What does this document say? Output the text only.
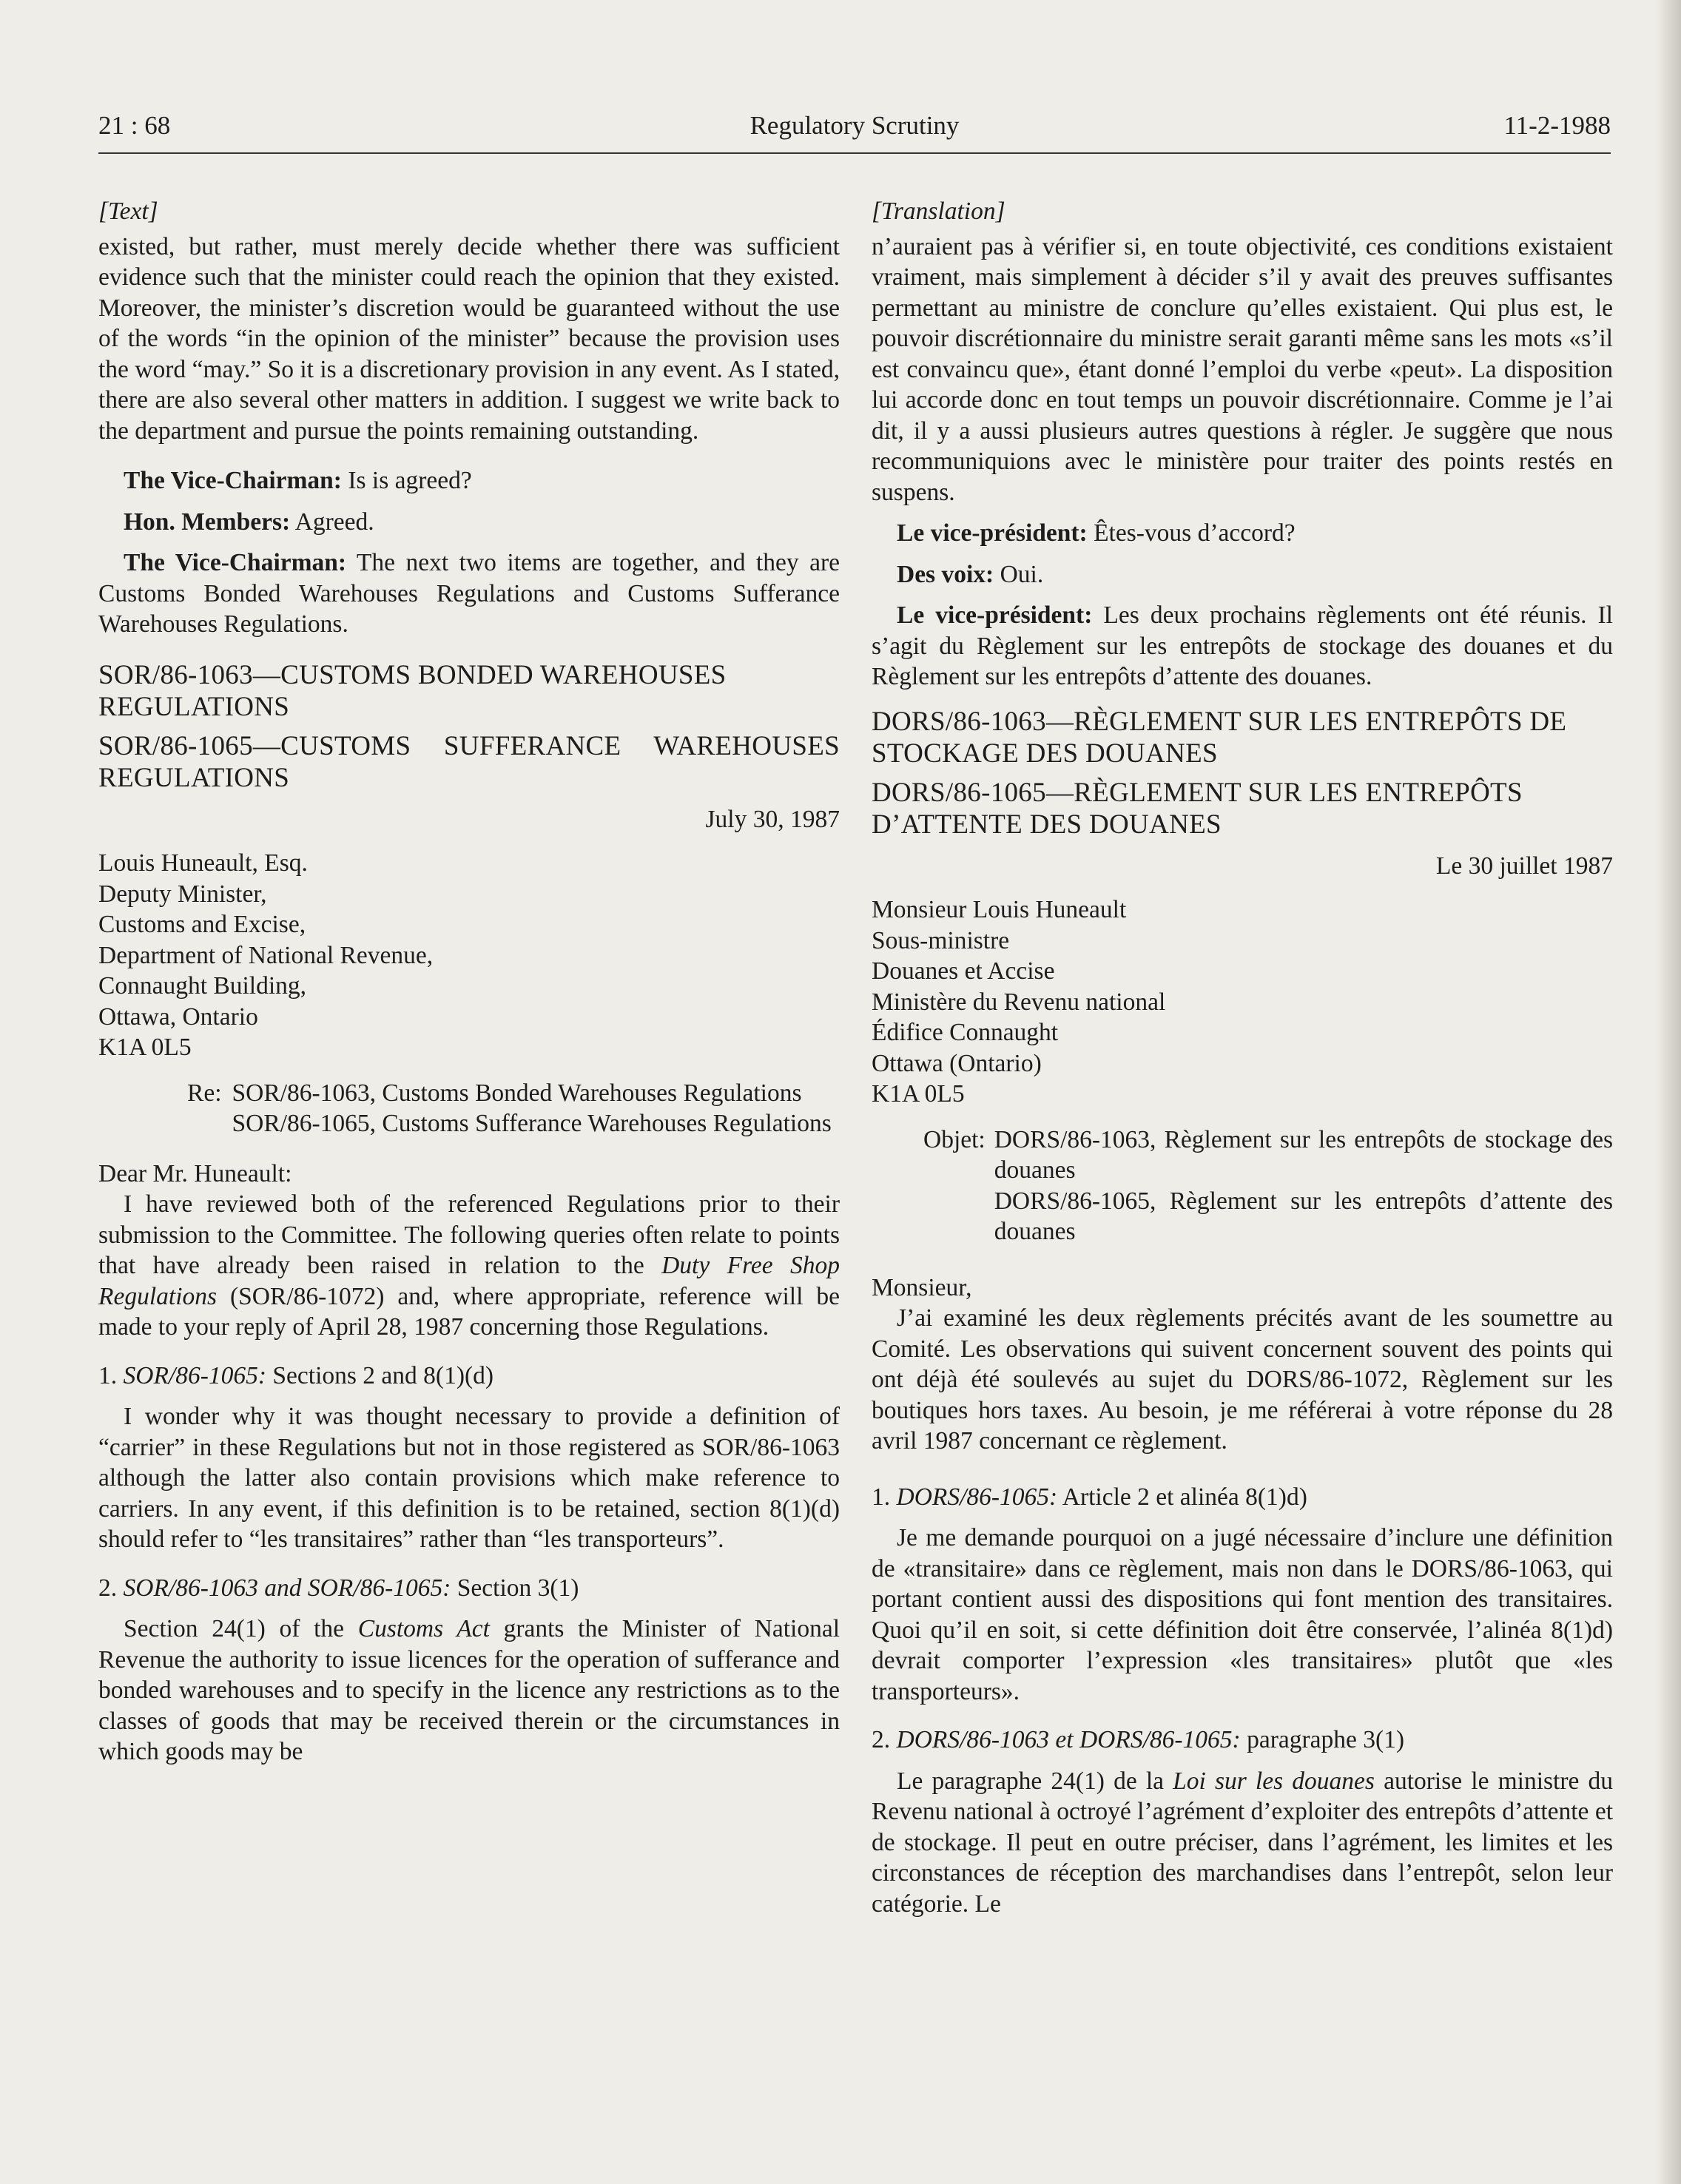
21 : 68	Regulatory Scrutiny	11-2-1988

[Text]

existed, but rather, must merely decide whether there was sufficient evidence such that the minister could reach the opinion that they existed. Moreover, the minister’s discretion would be guaranteed without the use of the words “in the opinion of the minister” because the provision uses the word “may.” So it is a discretionary provision in any event. As I stated, there are also several other matters in addition. I suggest we write back to the department and pursue the points remaining outstanding.

The Vice-Chairman: Is is agreed?

Hon. Members: Agreed.

The Vice-Chairman: The next two items are together, and they are Customs Bonded Warehouses Regulations and Customs Sufferance Warehouses Regulations.

SOR/86-1063—CUSTOMS BONDED WAREHOUSES REGULATIONS

SOR/86-1065—CUSTOMS SUFFERANCE WAREHOUSES REGULATIONS

July 30, 1987

Louis Huneault, Esq.

Deputy Minister,

Customs and Excise,

Department of National Revenue,

Connaught Building,

Ottawa, Ontario

K1A 0L5

Re: SOR/86-1063, Customs Bonded Warehouses Regulations

SOR/86-1065, Customs Sufferance Warehouses Regulations

Dear Mr. Huneault:

I have reviewed both of the referenced Regulations prior to their submission to the Committee. The following queries often relate to points that have already been raised in relation to the Duty Free Shop Regulations (SOR/86-1072) and, where appropriate, reference will be made to your reply of April 28, 1987 concerning those Regulations.

1. SOR/86-1065: Sections 2 and 8(1)(d)

I wonder why it was thought necessary to provide a definition of “carrier” in these Regulations but not in those registered as SOR/86-1063 although the latter also contain provisions which make reference to carriers. In any event, if this definition is to be retained, section 8(1)(d) should refer to “les transitaires” rather than “les transporteurs”.

2. SOR/86-1063 and SOR/86-1065: Section 3(1)

Section 24(1) of the Customs Act grants the Minister of National Revenue the authority to issue licences for the operation of sufferance and bonded warehouses and to specify in the licence any restrictions as to the classes of goods that may be received therein or the circumstances in which goods may be

[Translation]

n’auraient pas à vérifier si, en toute objectivité, ces conditions existaient vraiment, mais simplement à décider s’il y avait des preuves suffisantes permettant au ministre de conclure qu’elles existaient. Qui plus est, le pouvoir discrétionnaire du ministre serait garanti même sans les mots «s’il est convaincu que», étant donné l’emploi du verbe «peut». La disposition lui accorde donc en tout temps un pouvoir discrétionnaire. Comme je l’ai dit, il y a aussi plusieurs autres questions à régler. Je suggère que nous recommuniquions avec le ministère pour traiter des points restés en suspens.

Le vice-président: Êtes-vous d’accord?

Des voix: Oui.

Le vice-président: Les deux prochains règlements ont été réunis. Il s’agit du Règlement sur les entrepôts de stockage des douanes et du Règlement sur les entrepôts d’attente des douanes.

DORS/86-1063—RÈGLEMENT SUR LES ENTREPÔTS DE STOCKAGE DES DOUANES

DORS/86-1065—RÈGLEMENT SUR LES ENTREPÔTS D’ATTENTE DES DOUANES

Le 30 juillet 1987

Monsieur Louis Huneault

Sous-ministre

Douanes et Accise

Ministère du Revenu national

Édifice Connaught

Ottawa (Ontario)

K1A 0L5

Objet: DORS/86-1063, Règlement sur les entrepôts de stockage des douanes

DORS/86-1065, Règlement sur les entrepôts d’attente des douanes

Monsieur,

J’ai examiné les deux règlements précités avant de les soumettre au Comité. Les observations qui suivent concernent souvent des points qui ont déjà été soulevés au sujet du DORS/86-1072, Règlement sur les boutiques hors taxes. Au besoin, je me référerai à votre réponse du 28 avril 1987 concernant ce règlement.

1. DORS/86-1065: Article 2 et alinéa 8(1)d)

Je me demande pourquoi on a jugé nécessaire d’inclure une définition de «transitaire» dans ce règlement, mais non dans le DORS/86-1063, qui portant contient aussi des dispositions qui font mention des transitaires. Quoi qu’il en soit, si cette définition doit être conservée, l’alinéa 8(1)d) devrait comporter l’expression «les transitaires» plutôt que «les transporteurs».

2. DORS/86-1063 et DORS/86-1065: paragraphe 3(1)

Le paragraphe 24(1) de la Loi sur les douanes autorise le ministre du Revenu national à octroyé l’agrément d’exploiter des entrepôts d’attente et de stockage. Il peut en outre préciser, dans l’agrément, les limites et les circonstances de réception des marchandises dans l’entrepôt, selon leur catégorie. Le
